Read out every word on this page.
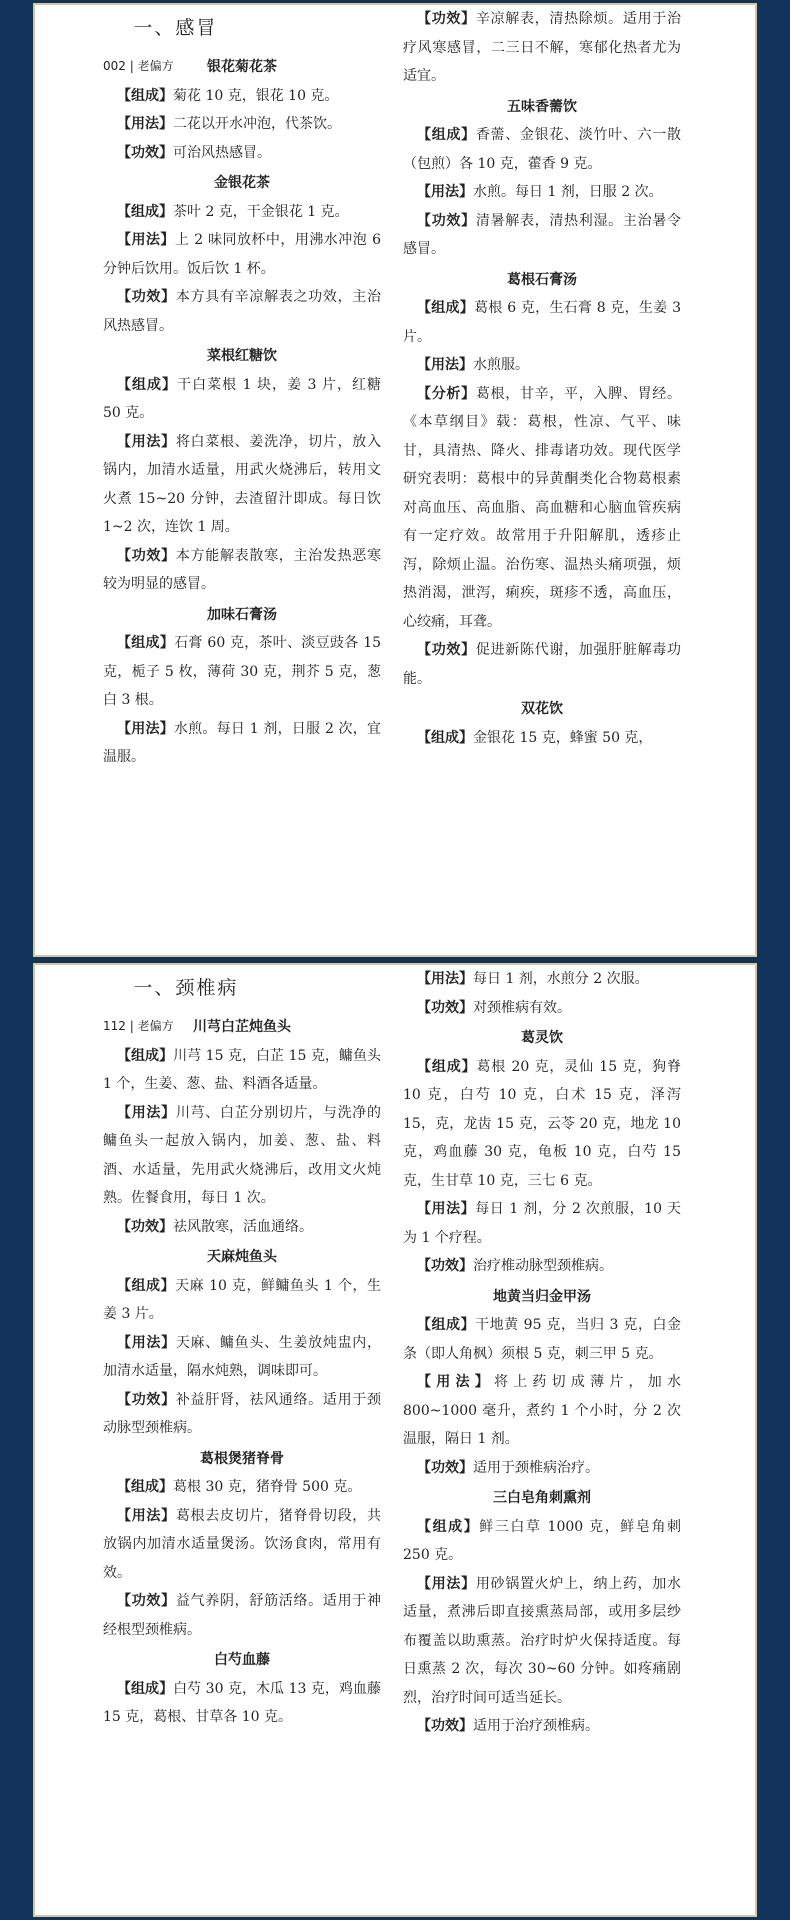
002 | 老偏方

一、感冒

银花菊花茶

【组成】菊花 10 克，银花 10 克。

【用法】二花以开水冲泡，代茶饮。

【功效】可治风热感冒。

金银花茶

【组成】茶叶 2 克，干金银花 1 克。

【用法】上 2 味同放杯中，用沸水冲泡 6 分钟后饮用。饭后饮 1 杯。

【功效】本方具有辛凉解表之功效，主治风热感冒。

菜根红糖饮

【组成】干白菜根 1 块，姜 3 片，红糖 50 克。

【用法】将白菜根、姜洗净，切片，放入锅内，加清水适量，用武火烧沸后，转用文火煮 15~20 分钟，去渣留汁即成。每日饮 1~2 次，连饮 1 周。

【功效】本方能解表散寒，主治发热恶寒较为明显的感冒。

加味石膏汤

【组成】石膏 60 克，茶叶、淡豆豉各 15 克，栀子 5 枚，薄荷 30 克，荆芥 5 克，葱白 3 根。

【用法】水煎。每日 1 剂，日服 2 次，宜温服。

【功效】辛凉解表，清热除烦。适用于治疗风寒感冒，二三日不解，寒郁化热者尤为适宜。

五味香薷饮

【组成】香薷、金银花、淡竹叶、六一散（包煎）各 10 克，藿香 9 克。

【用法】水煎。每日 1 剂，日服 2 次。

【功效】清暑解表，清热利湿。主治暑令感冒。

葛根石膏汤

【组成】葛根 6 克，生石膏 8 克，生姜 3 片。

【用法】水煎服。

【分析】葛根，甘辛，平，入脾、胃经。《本草纲目》载：葛根，性凉、气平、味甘，具清热、降火、排毒诸功效。现代医学研究表明：葛根中的异黄酮类化合物葛根素对高血压、高血脂、高血糖和心脑血管疾病有一定疗效。故常用于升阳解肌，透疹止泻，除烦止温。治伤寒、温热头痛项强，烦热消渴，泄泻，痢疾，斑疹不透，高血压，心绞痛，耳聋。

【功效】促进新陈代谢，加强肝脏解毒功能。

双花饮

【组成】金银花 15 克，蜂蜜 50 克，

112 | 老偏方

一、颈椎病

川芎白芷炖鱼头

【组成】川芎 15 克，白芷 15 克，鳙鱼头 1 个，生姜、葱、盐、料酒各适量。

【用法】川芎、白芷分别切片，与洗净的鳙鱼头一起放入锅内，加姜、葱、盐、料酒、水适量，先用武火烧沸后，改用文火炖熟。佐餐食用，每日 1 次。

【功效】祛风散寒，活血通络。

天麻炖鱼头

【组成】天麻 10 克，鲜鳙鱼头 1 个，生姜 3 片。

【用法】天麻、鳙鱼头、生姜放炖盅内，加清水适量，隔水炖熟，调味即可。

【功效】补益肝肾，祛风通络。适用于颈动脉型颈椎病。

葛根煲猪脊骨

【组成】葛根 30 克，猪脊骨 500 克。

【用法】葛根去皮切片，猪脊骨切段，共放锅内加清水适量煲汤。饮汤食肉，常用有效。

【功效】益气养阴，舒筋活络。适用于神经根型颈椎病。

白芍血藤

【组成】白芍 30 克，木瓜 13 克，鸡血藤 15 克，葛根、甘草各 10 克。

【用法】每日 1 剂，水煎分 2 次服。

【功效】对颈椎病有效。

葛灵饮

【组成】葛根 20 克，灵仙 15 克，狗脊 10 克，白芍 10 克，白术 15 克，泽泻 15，克，龙齿 15 克，云苓 20 克，地龙 10 克，鸡血藤 30 克，龟板 10 克，白芍 15 克，生甘草 10 克，三七 6 克。

【用法】每日 1 剂，分 2 次煎服，10 天为 1 个疗程。

【功效】治疗椎动脉型颈椎病。

地黄当归金甲汤

【组成】干地黄 95 克，当归 3 克，白金条（即人角枫）须根 5 克，刺三甲 5 克。

【用法】将上药切成薄片，加水 800~1000 毫升，煮约 1 个小时，分 2 次温服，隔日 1 剂。

【功效】适用于颈椎病治疗。

三白皂角刺熏剂

【组成】鲜三白草 1000 克，鲜皂角刺 250 克。

【用法】用砂锅置火炉上，纳上药，加水适量，煮沸后即直接熏蒸局部，或用多层纱布覆盖以助熏蒸。治疗时炉火保持适度。每日熏蒸 2 次，每次 30~60 分钟。如疼痛剧烈，治疗时间可适当延长。

【功效】适用于治疗颈椎病。
